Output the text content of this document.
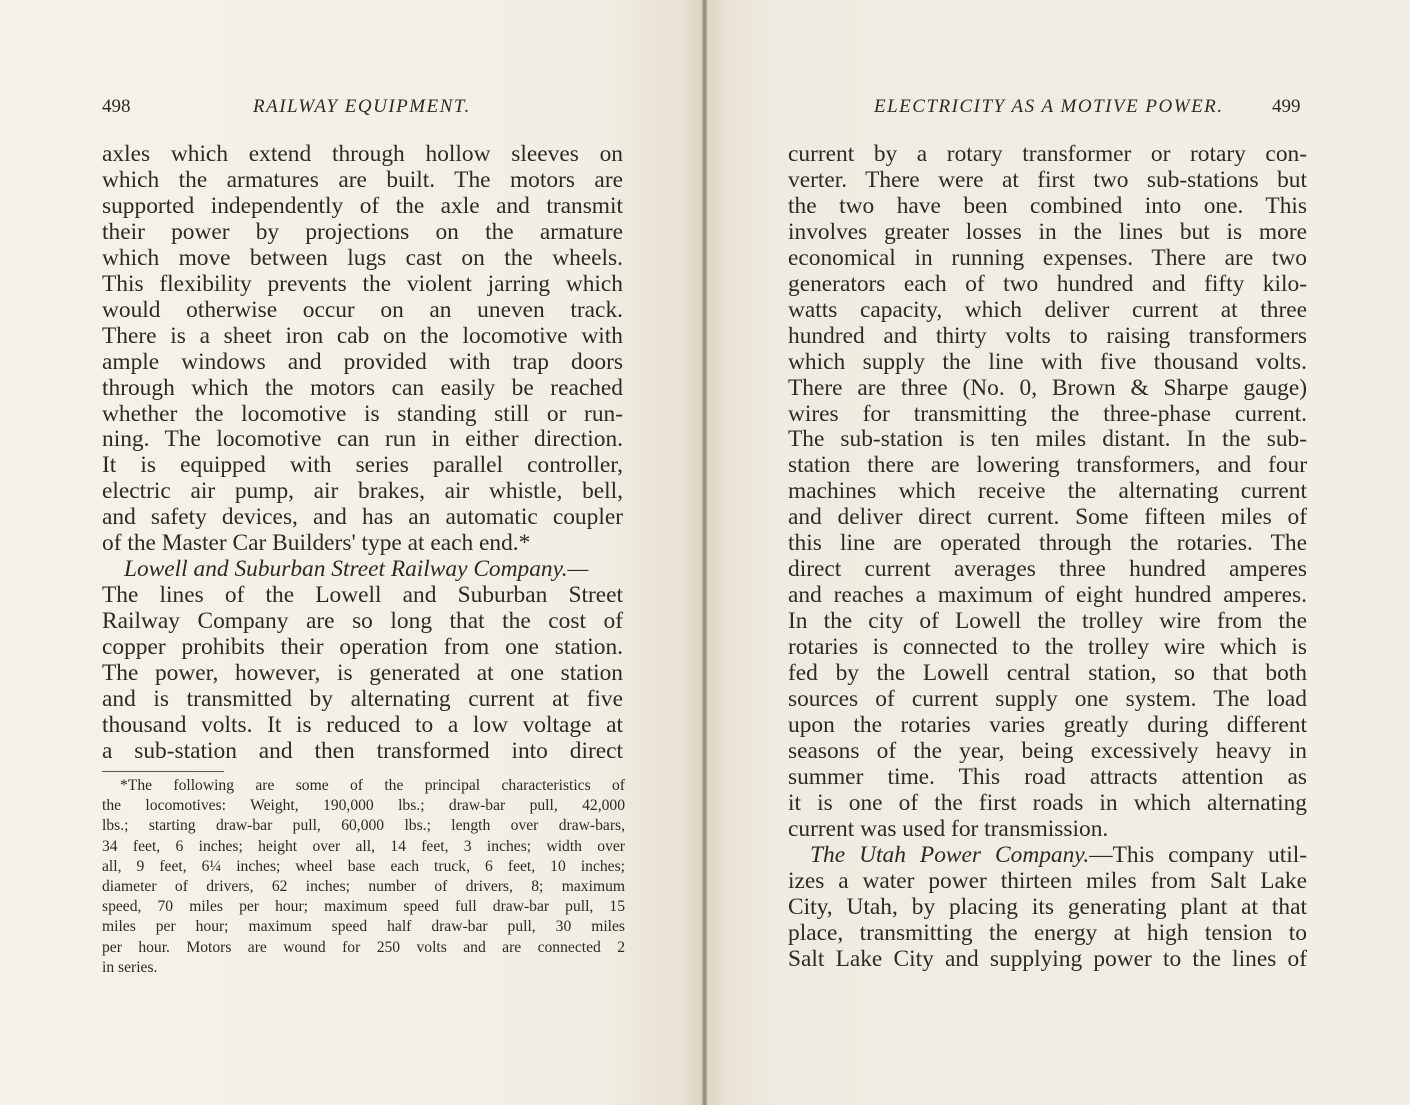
498	RAILWAY EQUIPMENT.
axles which extend through hollow sleeves on
which the armatures are built. The motors are
supported independently of the axle and transmit
their power by projections on the armature
which move between lugs cast on the wheels.
This flexibility prevents the violent jarring which
would otherwise occur on an uneven track.
There is a sheet iron cab on the locomotive with
ample windows and provided with trap doors
through which the motors can easily be reached
whether the locomotive is standing still or run-
ning. The locomotive can run in either direction.
It is equipped with series parallel controller,
electric air pump, air brakes, air whistle, bell,
and safety devices, and has an automatic coupler
of the Master Car Builders' type at each end.*
Lowell and Suburban Street Railway Company.—
The lines of the Lowell and Suburban Street
Railway Company are so long that the cost of
copper prohibits their operation from one station.
The power, however, is generated at one station
and is transmitted by alternating current at five
thousand volts. It is reduced to a low voltage at
a sub-station and then transformed into direct
*The following are some of the principal characteristics of
the locomotives: Weight, 190,000 lbs.; draw-bar pull, 42,000
lbs.; starting draw-bar pull, 60,000 lbs.; length over draw-bars,
34 feet, 6 inches; height over all, 14 feet, 3 inches; width over
all, 9 feet, 6¼ inches; wheel base each truck, 6 feet, 10 inches;
diameter of drivers, 62 inches; number of drivers, 8; maximum
speed, 70 miles per hour; maximum speed full draw-bar pull, 15
miles per hour; maximum speed half draw-bar pull, 30 miles
per hour. Motors are wound for 250 volts and are connected 2
in series.
ELECTRICITY AS A MOTIVE POWER.	499
current by a rotary transformer or rotary con-
verter. There were at first two sub-stations but
the two have been combined into one. This
involves greater losses in the lines but is more
economical in running expenses. There are two
generators each of two hundred and fifty kilo-
watts capacity, which deliver current at three
hundred and thirty volts to raising transformers
which supply the line with five thousand volts.
There are three (No. 0, Brown & Sharpe gauge)
wires for transmitting the three-phase current.
The sub-station is ten miles distant. In the sub-
station there are lowering transformers, and four
machines which receive the alternating current
and deliver direct current. Some fifteen miles of
this line are operated through the rotaries. The
direct current averages three hundred amperes
and reaches a maximum of eight hundred amperes.
In the city of Lowell the trolley wire from the
rotaries is connected to the trolley wire which is
fed by the Lowell central station, so that both
sources of current supply one system. The load
upon the rotaries varies greatly during different
seasons of the year, being excessively heavy in
summer time. This road attracts attention as
it is one of the first roads in which alternating
current was used for transmission.
The Utah Power Company.—This company util-
izes a water power thirteen miles from Salt Lake
City, Utah, by placing its generating plant at that
place, transmitting the energy at high tension to
Salt Lake City and supplying power to the lines of
